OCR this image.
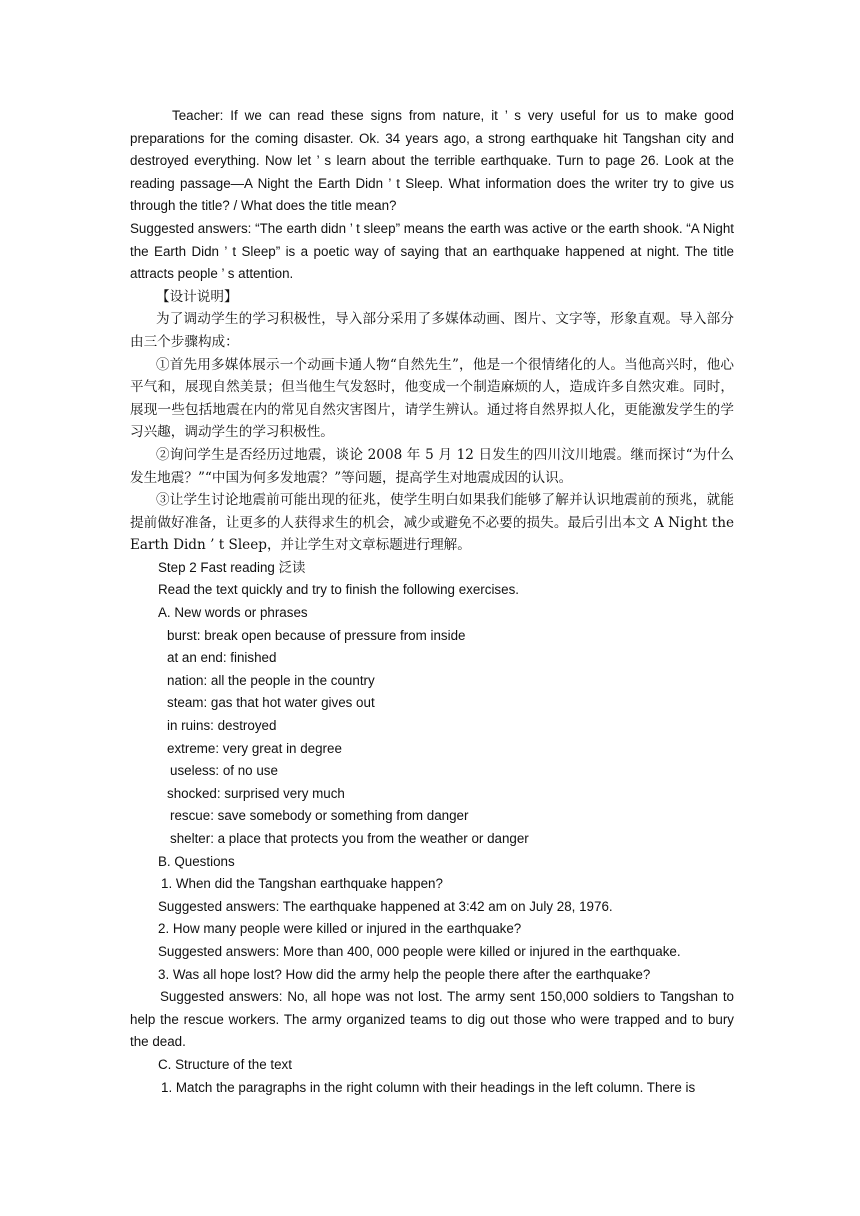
Teacher: If we can read these signs from nature, it ’ s very useful for us to make good preparations for the coming disaster. Ok. 34 years ago, a strong earthquake hit Tangshan city and destroyed everything. Now let ’ s learn about the terrible earthquake. Turn to page 26. Look at the reading passage—A Night the Earth Didn ’ t Sleep. What information does the writer try to give us through the title? / What does the title mean?

Suggested answers: “The earth didn ’ t sleep” means the earth was active or the earth shook. “A Night the Earth Didn ’ t Sleep” is a poetic way of saying that an earthquake happened at night. The title attracts people ’ s attention.

【设计说明】

为了调动学生的学习积极性，导入部分采用了多媒体动画、图片、文字等，形象直观。导入部分由三个步骤构成：

①首先用多媒体展示一个动画卡通人物“自然先生”，他是一个很情绪化的人。当他高兴时，他心平气和，展现自然美景；但当他生气发怒时，他变成一个制造麻烦的人，造成许多自然灾难。同时，展现一些包括地震在内的常见自然灾害图片，请学生辨认。通过将自然界拟人化，更能激发学生的学习兴趣，调动学生的学习积极性。

②询问学生是否经历过地震，谈论 2008 年 5 月 12 日发生的四川汶川地震。继而探讨“为什么发生地震？”“中国为何多发地震？”等问题，提高学生对地震成因的认识。

③让学生讨论地震前可能出现的征兆，使学生明白如果我们能够了解并认识地震前的预兆，就能提前做好准备，让更多的人获得求生的机会，减少或避免不必要的损失。最后引出本文 A Night the Earth Didn ’ t Sleep，并让学生对文章标题进行理解。

Step 2 Fast reading 泛读
Read the text quickly and try to finish the following exercises.
A. New words or phrases
burst: break open because of pressure from inside
at an end: finished
nation: all the people in the country
steam: gas that hot water gives out
in ruins: destroyed
extreme: very great in degree
useless: of no use
shocked: surprised very much
rescue: save somebody or something from danger
shelter: a place that protects you from the weather or danger
B. Questions
1. When did the Tangshan earthquake happen?
Suggested answers: The earthquake happened at 3:42 am on July 28, 1976.
2. How many people were killed or injured in the earthquake?
Suggested answers: More than 400, 000 people were killed or injured in the earthquake.
3. Was all hope lost? How did the army help the people there after the earthquake?

Suggested answers: No, all hope was not lost. The army sent 150,000 soldiers to Tangshan to help the rescue workers. The army organized teams to dig out those who were trapped and to bury the dead.

C. Structure of the text
1. Match the paragraphs in the right column with their headings in the left column. There is
